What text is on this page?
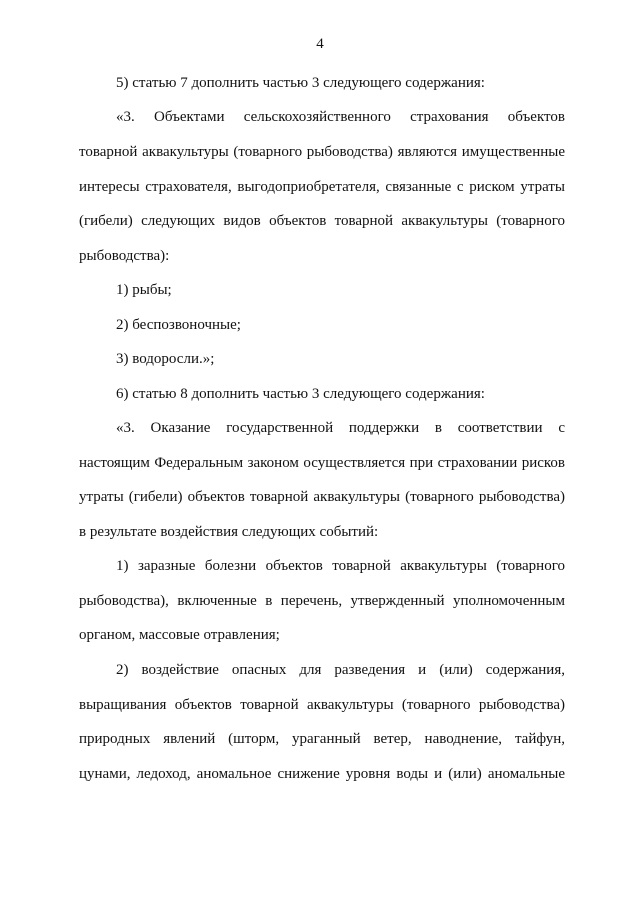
4
5) статью 7 дополнить частью 3 следующего содержания:
«3. Объектами сельскохозяйственного страхования объектов
товарной аквакультуры (товарного рыбоводства) являются имущественные
интересы страхователя, выгодоприобретателя, связанные с риском утраты
(гибели) следующих видов объектов товарной аквакультуры (товарного
рыбоводства):
1) рыбы;
2) беспозвоночные;
3) водоросли.»;
6) статью 8 дополнить частью 3 следующего содержания:
«3. Оказание государственной поддержки в соответствии с
настоящим Федеральным законом осуществляется при страховании рисков
утраты (гибели) объектов товарной аквакультуры (товарного рыбоводства)
в результате воздействия следующих событий:
1) заразные болезни объектов товарной аквакультуры (товарного
рыбоводства), включенные в перечень, утвержденный уполномоченным
органом, массовые отравления;
2) воздействие опасных для разведения и (или) содержания,
выращивания объектов товарной аквакультуры (товарного рыбоводства)
природных явлений (шторм, ураганный ветер, наводнение, тайфун,
цунами, ледоход, аномальное снижение уровня воды и (или) аномальные
